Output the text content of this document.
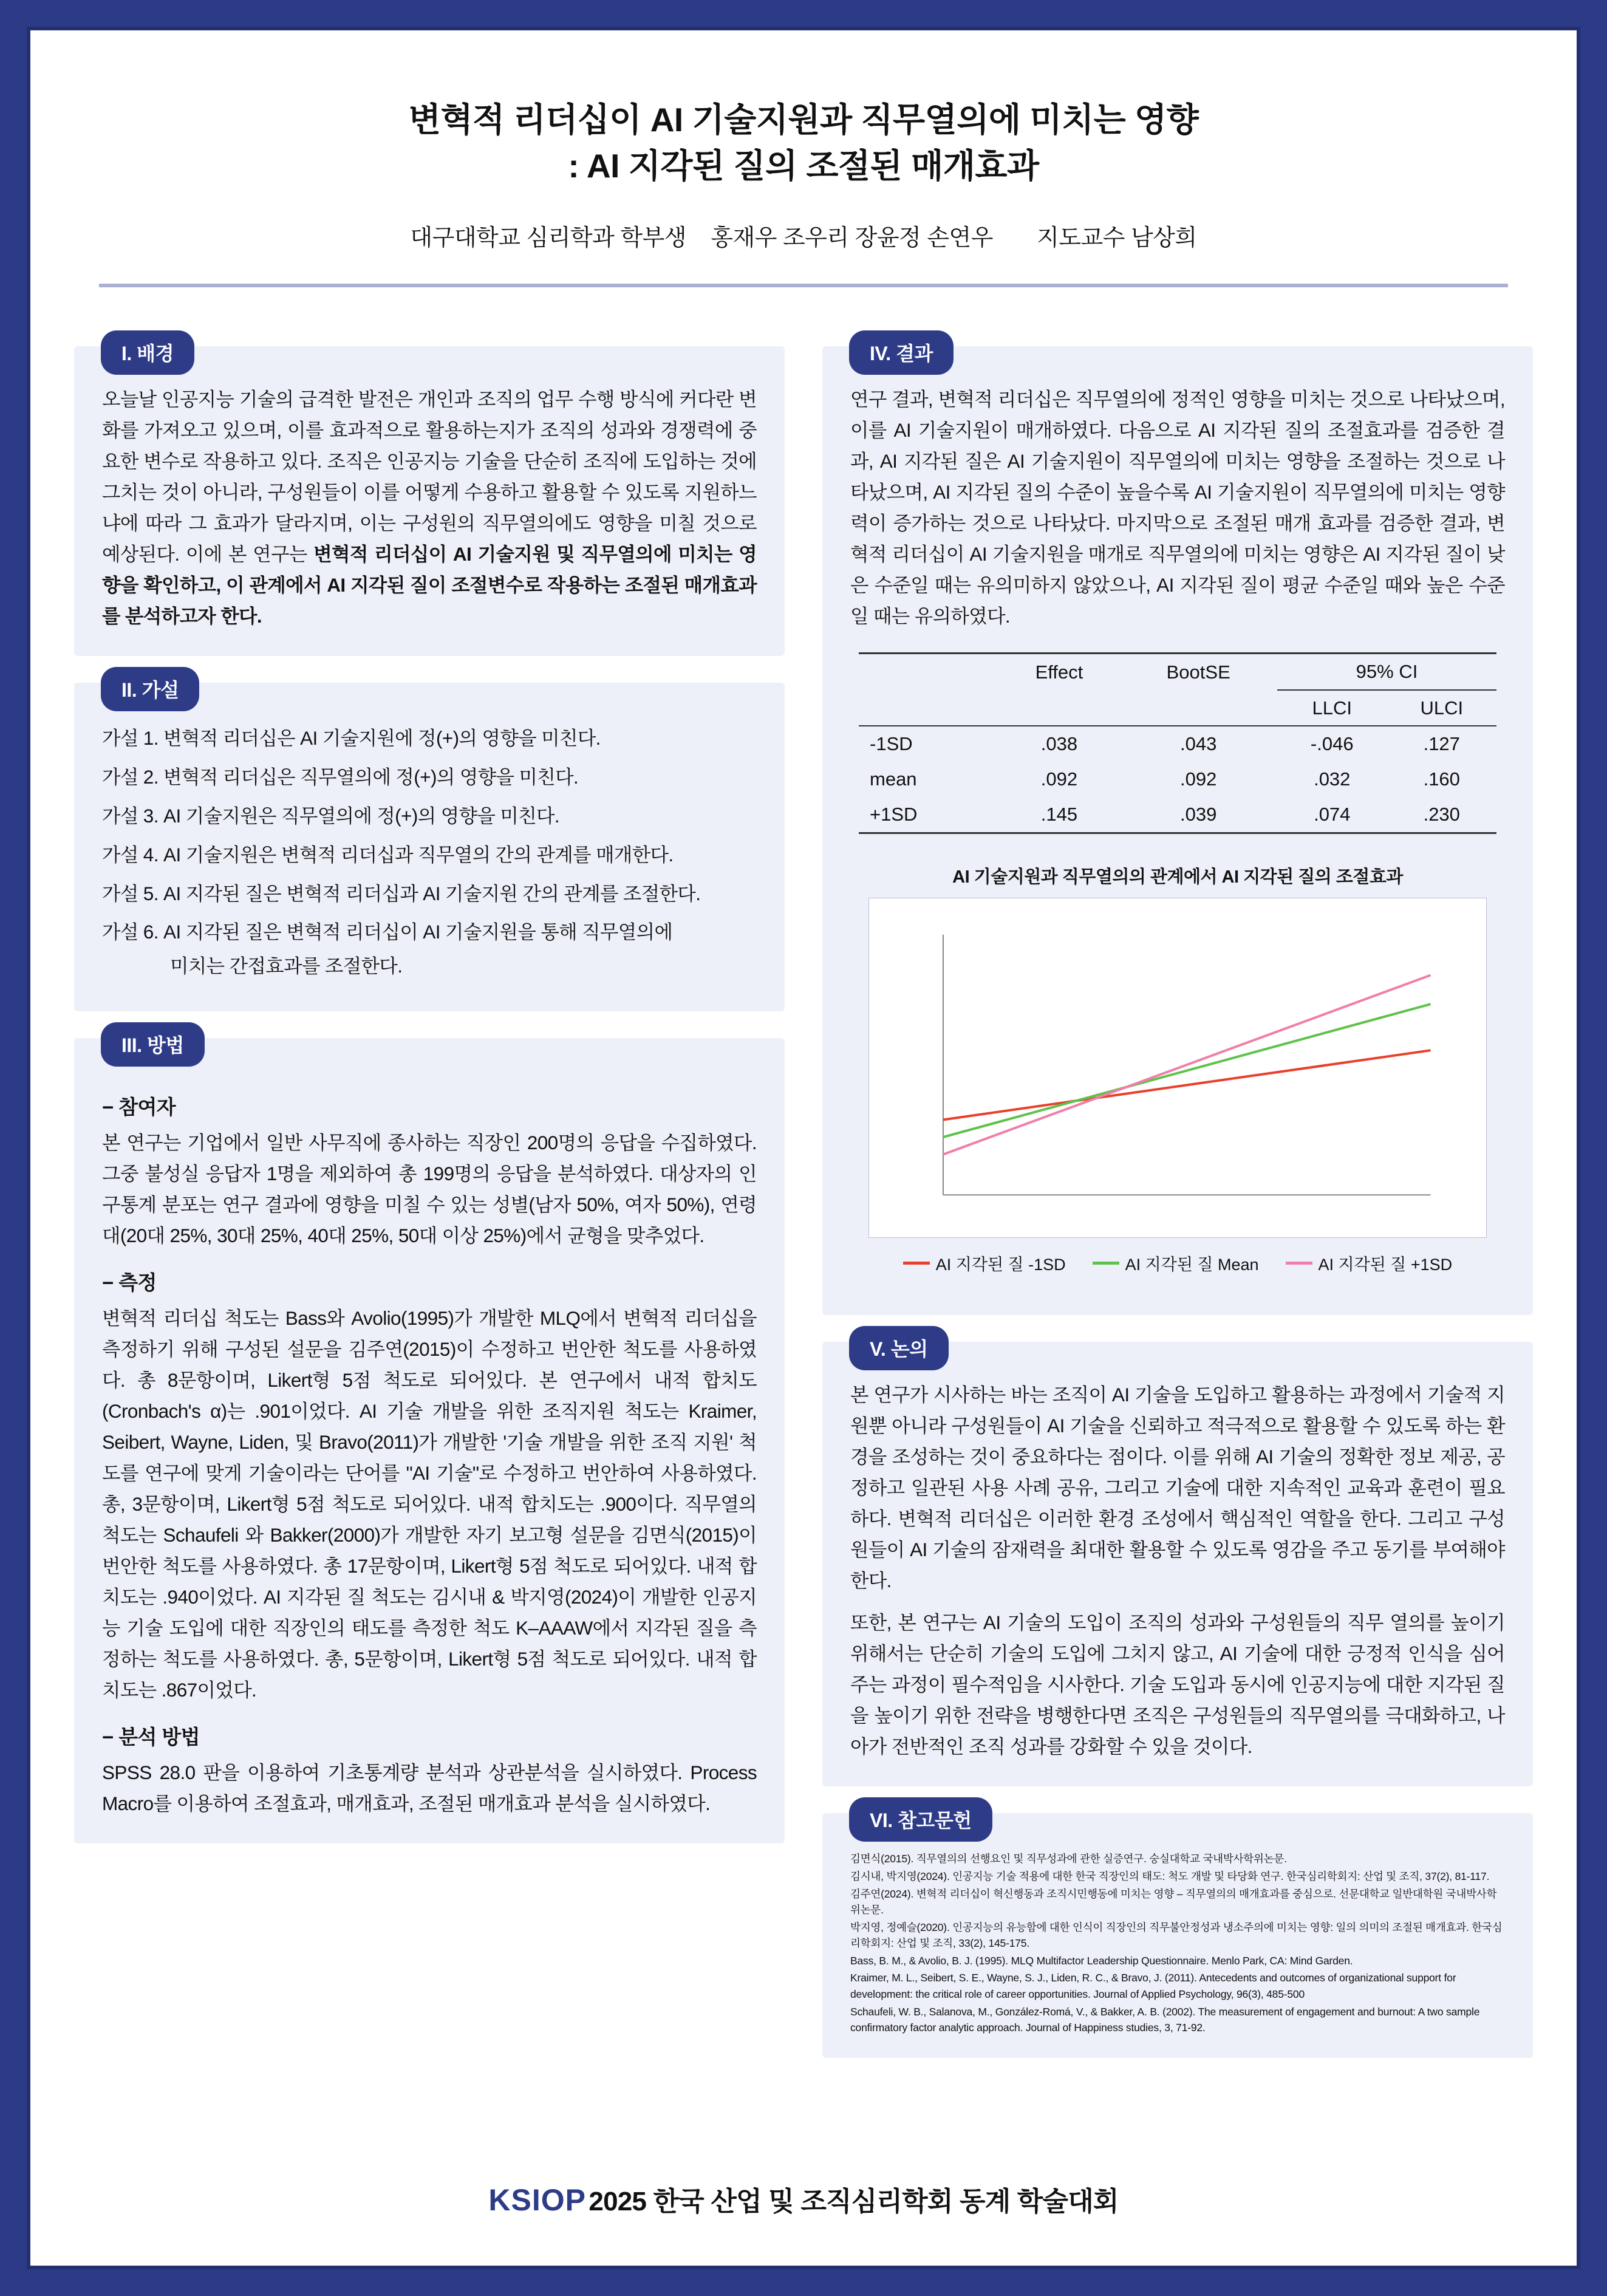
변혁적 리더십이 AI 기술지원과 직무열의에 미치는 영향
: AI 지각된 질의 조절된 매개효과
대구대학교 심리학과 학부생 홍재우 조우리 장윤정 손연우 지도교수 남상희
I. 배경

오늘날 인공지능 기술의 급격한 발전은 개인과 조직의 업무 수행 방식에 커다란 변화를 가져오고 있으며, 이를 효과적으로 활용하는지가 조직의 성과와 경쟁력에 중요한 변수로 작용하고 있다. 조직은 인공지능 기술을 단순히 조직에 도입하는 것에 그치는 것이 아니라, 구성원들이 이를 어떻게 수용하고 활용할 수 있도록 지원하느냐에 따라 그 효과가 달라지며, 이는 구성원의 직무열의에도 영향을 미칠 것으로 예상된다. 이에 본 연구는 변혁적 리더십이 AI 기술지원 및 직무열의에 미치는 영향을 확인하고, 이 관계에서 AI 지각된 질이 조절변수로 작용하는 조절된 매개효과를 분석하고자 한다.

II. 가설
가설 1. 변혁적 리더십은 AI 기술지원에 정(+)의 영향을 미친다.
가설 2. 변혁적 리더십은 직무열의에 정(+)의 영향을 미친다.
가설 3. AI 기술지원은 직무열의에 정(+)의 영향을 미친다.
가설 4. AI 기술지원은 변혁적 리더십과 직무열의 간의 관계를 매개한다.
가설 5. AI 지각된 질은 변혁적 리더십과 AI 기술지원 간의 관계를 조절한다.
가설 6. AI 지각된 질은 변혁적 리더십이 AI 기술지원을 통해 직무열의에
미치는 간접효과를 조절한다.
III. 방법
− 참여자

본 연구는 기업에서 일반 사무직에 종사하는 직장인 200명의 응답을 수집하였다. 그중 불성실 응답자 1명을 제외하여 총 199명의 응답을 분석하였다. 대상자의 인구통계 분포는 연구 결과에 영향을 미칠 수 있는 성별(남자 50%, 여자 50%), 연령대(20대 25%, 30대 25%, 40대 25%, 50대 이상 25%)에서 균형을 맞추었다.

− 측정

변혁적 리더십 척도는 Bass와 Avolio(1995)가 개발한 MLQ에서 변혁적 리더십을 측정하기 위해 구성된 설문을 김주연(2015)이 수정하고 번안한 척도를 사용하였다. 총 8문항이며, Likert형 5점 척도로 되어있다. 본 연구에서 내적 합치도(Cronbach's α)는 .901이었다. AI 기술 개발을 위한 조직지원 척도는 Kraimer, Seibert, Wayne, Liden, 및 Bravo(2011)가 개발한 '기술 개발을 위한 조직 지원' 척도를 연구에 맞게 기술이라는 단어를 "AI 기술"로 수정하고 번안하여 사용하였다. 총, 3문항이며, Likert형 5점 척도로 되어있다. 내적 합치도는 .900이다. 직무열의 척도는 Schaufeli 와 Bakker(2000)가 개발한 자기 보고형 설문을 김면식(2015)이 번안한 척도를 사용하였다. 총 17문항이며, Likert형 5점 척도로 되어있다. 내적 합치도는 .940이었다. AI 지각된 질 척도는 김시내 & 박지영(2024)이 개발한 인공지능 기술 도입에 대한 직장인의 태도를 측정한 척도 K–AAAW에서 지각된 질을 측정하는 척도를 사용하였다. 총, 5문항이며, Likert형 5점 척도로 되어있다. 내적 합치도는 .867이었다.

− 분석 방법

SPSS 28.0 판을 이용하여 기초통계량 분석과 상관분석을 실시하였다. Process Macro를 이용하여 조절효과, 매개효과, 조절된 매개효과 분석을 실시하였다.

IV. 결과

연구 결과, 변혁적 리더십은 직무열의에 정적인 영향을 미치는 것으로 나타났으며, 이를 AI 기술지원이 매개하였다. 다음으로 AI 지각된 질의 조절효과를 검증한 결과, AI 지각된 질은 AI 기술지원이 직무열의에 미치는 영향을 조절하는 것으로 나타났으며, AI 지각된 질의 수준이 높을수록 AI 기술지원이 직무열의에 미치는 영향력이 증가하는 것으로 나타났다. 마지막으로 조절된 매개 효과를 검증한 결과, 변혁적 리더십이 AI 기술지원을 매개로 직무열의에 미치는 영향은 AI 지각된 질이 낮은 수준일 때는 유의미하지 않았으나, AI 지각된 질이 평균 수준일 때와 높은 수준일 때는 유의하였다.

	Effect	BootSE	95% CI	
			LLCI	ULCI
-1SD	.038	.043	-.046	.127
mean	.092	.092	.032	.160
+1SD	.145	.039	.074	.230
AI 기술지원과 직무열의의 관계에서 AI 지각된 질의 조절효과
AI 지각된 질 -1SD	AI 지각된 질 Mean	AI 지각된 질 +1SD
V. 논의

본 연구가 시사하는 바는 조직이 AI 기술을 도입하고 활용하는 과정에서 기술적 지원뿐 아니라 구성원들이 AI 기술을 신뢰하고 적극적으로 활용할 수 있도록 하는 환경을 조성하는 것이 중요하다는 점이다. 이를 위해 AI 기술의 정확한 정보 제공, 공정하고 일관된 사용 사례 공유, 그리고 기술에 대한 지속적인 교육과 훈련이 필요하다. 변혁적 리더십은 이러한 환경 조성에서 핵심적인 역할을 한다. 그리고 구성원들이 AI 기술의 잠재력을 최대한 활용할 수 있도록 영감을 주고 동기를 부여해야 한다.

또한, 본 연구는 AI 기술의 도입이 조직의 성과와 구성원들의 직무 열의를 높이기 위해서는 단순히 기술의 도입에 그치지 않고, AI 기술에 대한 긍정적 인식을 심어주는 과정이 필수적임을 시사한다. 기술 도입과 동시에 인공지능에 대한 지각된 질을 높이기 위한 전략을 병행한다면 조직은 구성원들의 직무열의를 극대화하고, 나아가 전반적인 조직 성과를 강화할 수 있을 것이다.

VI. 참고문헌
김면식(2015). 직무열의의 선행요인 및 직무성과에 관한 실증연구. 숭실대학교 국내박사학위논문.
김시내, 박지영(2024). 인공지능 기술 적용에 대한 한국 직장인의 태도: 척도 개발 및 타당화 연구. 한국심리학회지: 산업 및 조직, 37(2), 81-117.
김주연(2024). 변혁적 리더십이 혁신행동과 조직시민행동에 미치는 영향 – 직무열의의 매개효과를 중심으로. 선문대학교 일반대학원 국내박사학위논문.
박지영, 정예슬(2020). 인공지능의 유능함에 대한 인식이 직장인의 직무불안정성과 냉소주의에 미치는 영향: 일의 의미의 조절된 매개효과. 한국심리학회지: 산업 및 조직, 33(2), 145-175.
Bass, B. M., & Avolio, B. J. (1995). MLQ Multifactor Leadership Questionnaire. Menlo Park, CA: Mind Garden.
Kraimer, M. L., Seibert, S. E., Wayne, S. J., Liden, R. C., & Bravo, J. (2011). Antecedents and outcomes of organizational support for development: the critical role of career opportunities. Journal of Applied Psychology, 96(3), 485-500
Schaufeli, W. B., Salanova, M., González-Romá, V., & Bakker, A. B. (2002). The measurement of engagement and burnout: A two sample confirmatory factor analytic approach. Journal of Happiness studies, 3, 71-92.
KSIOP 2025 한국 산업 및 조직심리학회 동계 학술대회
